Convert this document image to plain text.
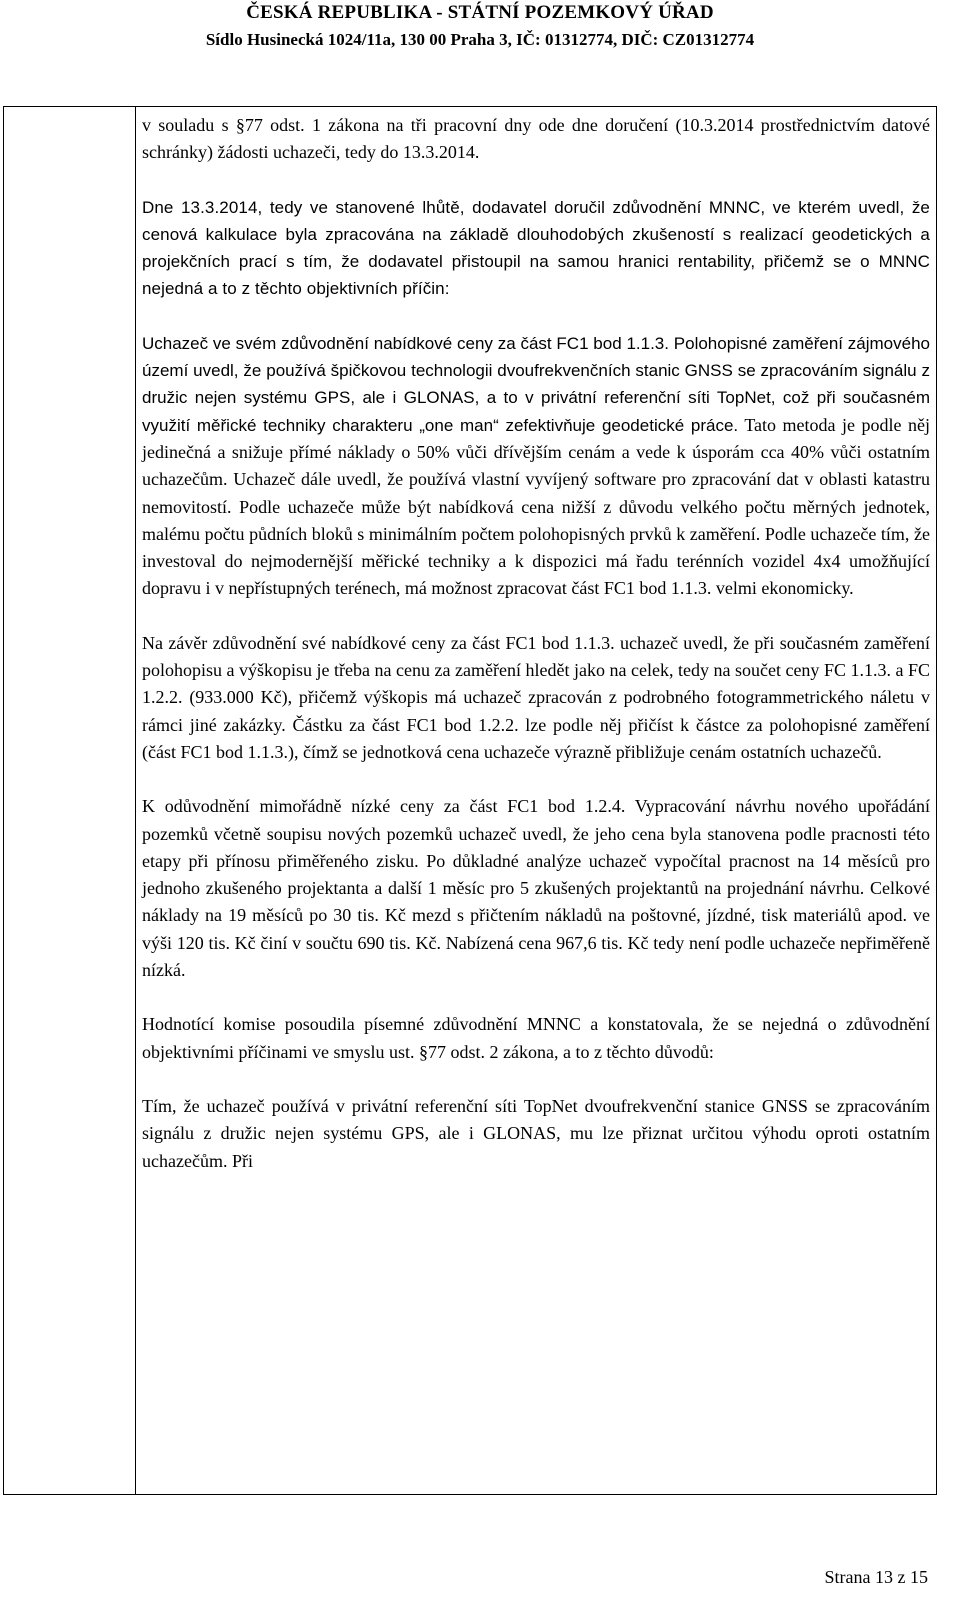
ČESKÁ REPUBLIKA - STÁTNÍ POZEMKOVÝ ÚŘAD
Sídlo Husinecká 1024/11a, 130 00 Praha 3, IČ: 01312774, DIČ: CZ01312774

v souladu s §77 odst. 1 zákona na tři pracovní dny ode dne doručení (10.3.2014 prostřednictvím datové schránky) žádosti uchazeči, tedy do 13.3.2014.

Dne 13.3.2014, tedy ve stanovené lhůtě, dodavatel doručil zdůvodnění MNNC, ve kterém uvedl, že cenová kalkulace byla zpracována na základě dlouhodobých zkušeností s realizací geodetických a projekčních prací s tím, že dodavatel přistoupil na samou hranici rentability, přičemž se o MNNC nejedná a to z těchto objektivních příčin:

Uchazeč ve svém zdůvodnění nabídkové ceny za část FC1 bod 1.1.3. Polohopisné zaměření zájmového území uvedl, že používá špičkovou technologii dvoufrekvenčních stanic GNSS se zpracováním signálu z družic nejen systému GPS, ale i GLONAS, a to v privátní referenční síti TopNet, což při současném využití měřické techniky charakteru „one man“ zefektivňuje geodetické práce. Tato metoda je podle něj jedinečná a snižuje přímé náklady o 50% vůči dřívějším cenám a vede k úsporám cca 40% vůči ostatním uchazečům. Uchazeč dále uvedl, že používá vlastní vyvíjený software pro zpracování dat v oblasti katastru nemovitostí. Podle uchazeče může být nabídková cena nižší z důvodu velkého počtu měrných jednotek, malému počtu půdních bloků s minimálním počtem polohopisných prvků k zaměření. Podle uchazeče tím, že investoval do nejmodernější měřické techniky a k dispozici má řadu terénních vozidel 4x4 umožňující dopravu i v nepřístupných terénech, má možnost zpracovat část FC1 bod 1.1.3. velmi ekonomicky.

Na závěr zdůvodnění své nabídkové ceny za část FC1 bod 1.1.3. uchazeč uvedl, že při současném zaměření polohopisu a výškopisu je třeba na cenu za zaměření hledět jako na celek, tedy na součet ceny FC 1.1.3. a FC 1.2.2. (933.000 Kč), přičemž výškopis má uchazeč zpracován z podrobného fotogrammetrického náletu v rámci jiné zakázky. Částku za část FC1 bod 1.2.2. lze podle něj přičíst k částce za polohopisné zaměření (část FC1 bod 1.1.3.), čímž se jednotková cena uchazeče výrazně přibližuje cenám ostatních uchazečů.

K odůvodnění mimořádně nízké ceny za část FC1 bod 1.2.4. Vypracování návrhu nového upořádání pozemků včetně soupisu nových pozemků uchazeč uvedl, že jeho cena byla stanovena podle pracnosti této etapy při přínosu přiměřeného zisku. Po důkladné analýze uchazeč vypočítal pracnost na 14 měsíců pro jednoho zkušeného projektanta a další 1 měsíc pro 5 zkušených projektantů na projednání návrhu. Celkové náklady na 19 měsíců po 30 tis. Kč mezd s přičtením nákladů na poštovné, jízdné, tisk materiálů apod. ve výši 120 tis. Kč činí v součtu 690 tis. Kč. Nabízená cena 967,6 tis. Kč tedy není podle uchazeče nepřiměřeně nízká.

Hodnotící komise posoudila písemné zdůvodnění MNNC a konstatovala, že se nejedná o zdůvodnění objektivními příčinami ve smyslu ust. §77 odst. 2 zákona, a to z těchto důvodů:

Tím, že uchazeč používá v privátní referenční síti TopNet dvoufrekvenční stanice GNSS se zpracováním signálu z družic nejen systému GPS, ale i GLONAS, mu lze přiznat určitou výhodu oproti ostatním uchazečům. Při

Strana 13 z 15
